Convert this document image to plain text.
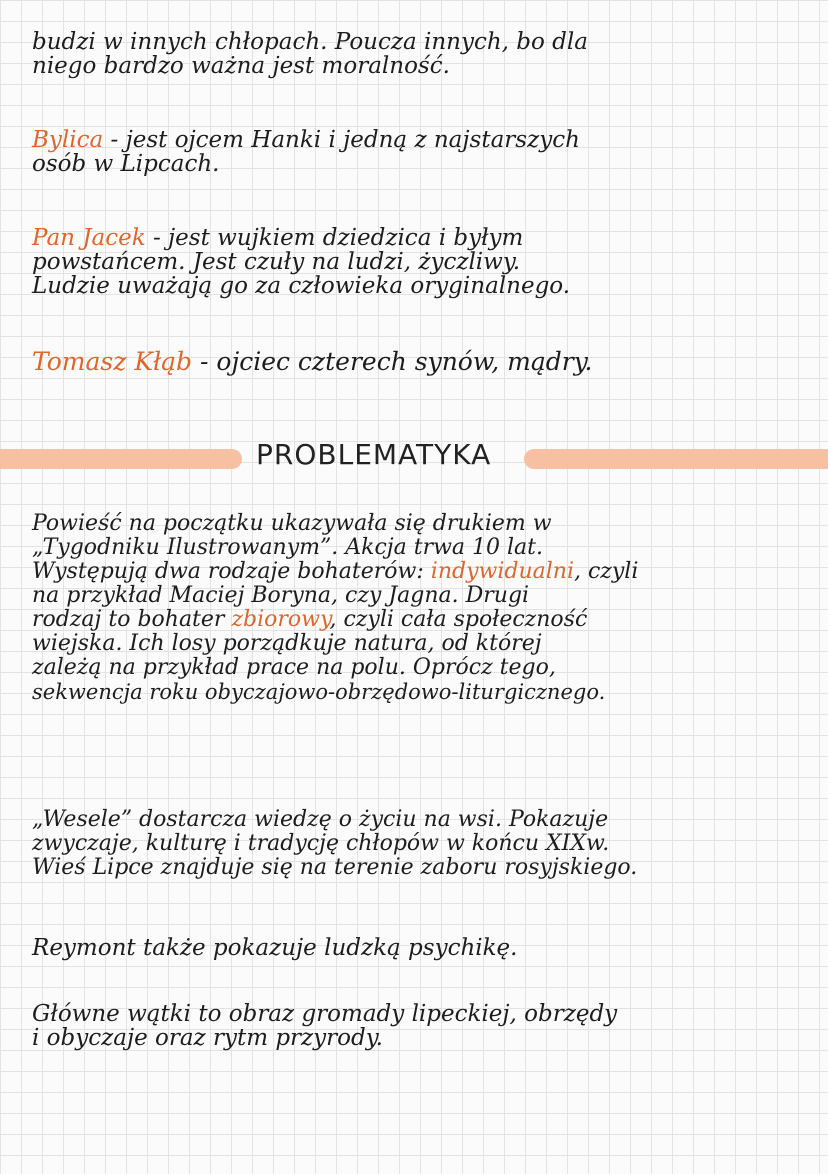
budzi w innych chłopach. Poucza innych, bo dla
niego bardzo ważna jest moralność.

Bylica - jest ojcem Hanki i jedną z najstarszych
osób w Lipcach.

Pan Jacek - jest wujkiem dziedzica i byłym
powstańcem. Jest czuły na ludzi, życzliwy.
Ludzie uważają go za człowieka oryginalnego.

Tomasz Kłąb - ojciec czterech synów, mądry.

PROBLEMATYKA

Powieść na początku ukazywała się drukiem w
„Tygodniku Ilustrowanym”. Akcja trwa 10 lat.
Występują dwa rodzaje bohaterów: indywidualni, czyli
na przykład Maciej Boryna, czy Jagna. Drugi
rodzaj to bohater zbiorowy, czyli cała społeczność
wiejska. Ich losy porządkuje natura, od której
zależą na przykład prace na polu. Oprócz tego,
sekwencja roku obyczajowo-obrzędowo-liturgicznego.

„Wesele” dostarcza wiedzę o życiu na wsi. Pokazuje
zwyczaje, kulturę i tradycję chłopów w końcu XIXw.
Wieś Lipce znajduje się na terenie zaboru rosyjskiego.

Reymont także pokazuje ludzką psychikę.

Główne wątki to obraz gromady lipeckiej, obrzędy
i obyczaje oraz rytm przyrody.
